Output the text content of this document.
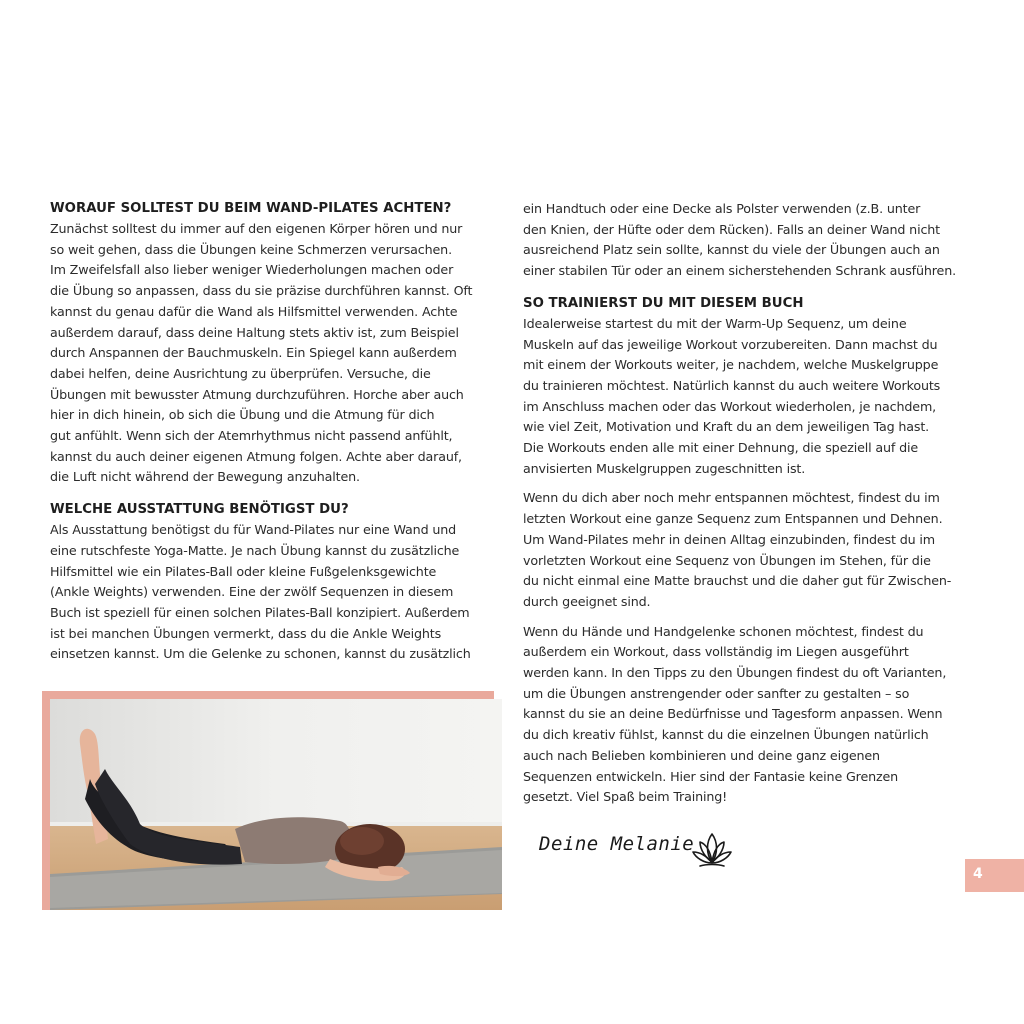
WORAUF SOLLTEST DU BEIM WAND-PILATES ACHTEN?

Zunächst solltest du immer auf den eigenen Körper hören und nur
so weit gehen, dass die Übungen keine Schmerzen verursachen.
Im Zweifelsfall also lieber weniger Wiederholungen machen oder
die Übung so anpassen, dass du sie präzise durchführen kannst. Oft
kannst du genau dafür die Wand als Hilfsmittel verwenden. Achte
außerdem darauf, dass deine Haltung stets aktiv ist, zum Beispiel
durch Anspannen der Bauchmuskeln. Ein Spiegel kann außerdem
dabei helfen, deine Ausrichtung zu überprüfen. Versuche, die
Übungen mit bewusster Atmung durchzuführen. Horche aber auch
hier in dich hinein, ob sich die Übung und die Atmung für dich
gut anfühlt. Wenn sich der Atemrhythmus nicht passend anfühlt,
kannst du auch deiner eigenen Atmung folgen. Achte aber darauf,
die Luft nicht während der Bewegung anzuhalten.

WELCHE AUSSTATTUNG BENÖTIGST DU?

Als Ausstattung benötigst du für Wand-Pilates nur eine Wand und
eine rutschfeste Yoga-Matte. Je nach Übung kannst du zusätzliche
Hilfsmittel wie ein Pilates-Ball oder kleine Fußgelenksgewichte
(Ankle Weights) verwenden. Eine der zwölf Sequenzen in diesem
Buch ist speziell für einen solchen Pilates-Ball konzipiert. Außerdem
ist bei manchen Übungen vermerkt, dass du die Ankle Weights
einsetzen kannst. Um die Gelenke zu schonen, kannst du zusätzlich

ein Handtuch oder eine Decke als Polster verwenden (z.B. unter
den Knien, der Hüfte oder dem Rücken). Falls an deiner Wand nicht
ausreichend Platz sein sollte, kannst du viele der Übungen auch an
einer stabilen Tür oder an einem sicherstehenden Schrank ausführen.

SO TRAINIERST DU MIT DIESEM BUCH

Idealerweise startest du mit der Warm-Up Sequenz, um deine
Muskeln auf das jeweilige Workout vorzubereiten. Dann machst du
mit einem der Workouts weiter, je nachdem, welche Muskelgruppe
du trainieren möchtest. Natürlich kannst du auch weitere Workouts
im Anschluss machen oder das Workout wiederholen, je nachdem,
wie viel Zeit, Motivation und Kraft du an dem jeweiligen Tag hast.
Die Workouts enden alle mit einer Dehnung, die speziell auf die
anvisierten Muskelgruppen zugeschnitten ist.

Wenn du dich aber noch mehr entspannen möchtest, findest du im
letzten Workout eine ganze Sequenz zum Entspannen und Dehnen.
Um Wand-Pilates mehr in deinen Alltag einzubinden, findest du im
vorletzten Workout eine Sequenz von Übungen im Stehen, für die
du nicht einmal eine Matte brauchst und die daher gut für Zwischen-
durch geeignet sind.

Wenn du Hände und Handgelenke schonen möchtest, findest du
außerdem ein Workout, dass vollständig im Liegen ausgeführt
werden kann. In den Tipps zu den Übungen findest du oft Varianten,
um die Übungen anstrengender oder sanfter zu gestalten – so
kannst du sie an deine Bedürfnisse und Tagesform anpassen. Wenn
du dich kreativ fühlst, kannst du die einzelnen Übungen natürlich
auch nach Belieben kombinieren und deine ganz eigenen
Sequenzen entwickeln. Hier sind der Fantasie keine Grenzen
gesetzt. Viel Spaß beim Training!

Deine Melanie
4
